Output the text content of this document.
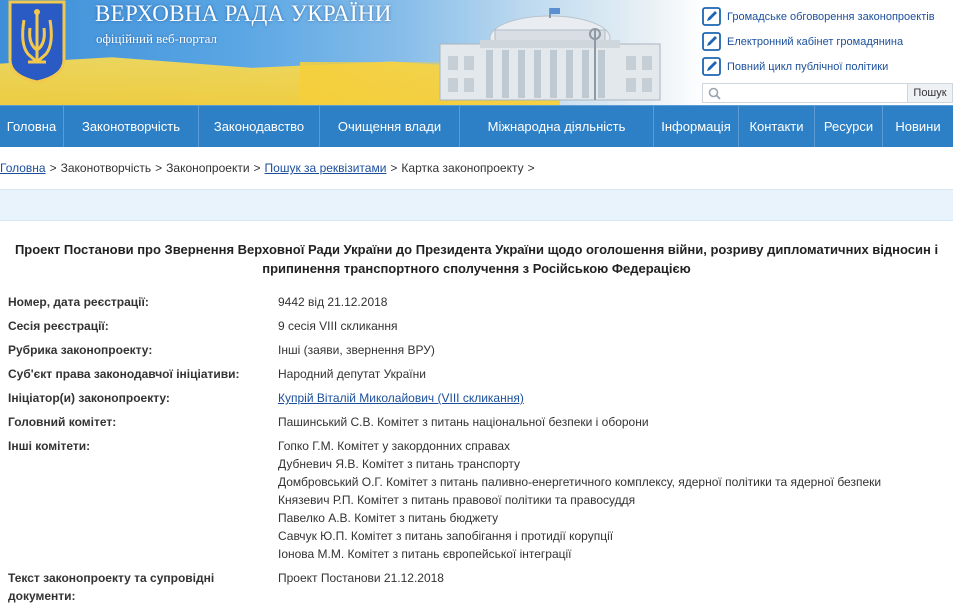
ВЕРХОВНА РАДА УКРАЇНИ
офіційний веб-портал
Громадське обговорення законопроектів
Електронний кабінет громадянина
Повний цикл публічної політики
Пошук
Головна	Законотворчість	Законодавство	Очищення влади	Міжнародна діяльність	Інформація	Контакти	Ресурси	Новини
Головна > Законотворчість > Законопроекти > Пошук за реквізитами > Картка законопроекту >
Проект Постанови про Звернення Верховної Ради України до Президента України щодо оголошення війни, розриву дипломатичних відносин і припинення транспортного сполучення з Російською Федерацією
Номер, дата реєстрації:	9442 від 21.12.2018
Сесія реєстрації:	9 сесія VIII скликання
Рубрика законопроекту:	Інші (заяви, звернення ВРУ)
Суб'єкт права законодавчої ініціативи:	Народний депутат України
Ініціатор(и) законопроекту:	Купрій Віталій Миколайович (VIII скликання)
Головний комітет:	Пашинський С.В. Комітет з питань національної безпеки і оборони
Інші комітети:	Гопко Г.М. Комітет у закордонних справах
Дубневич Я.В. Комітет з питань транспорту
Домбровський О.Г. Комітет з питань паливно-енергетичного комплексу, ядерної політики та ядерної безпеки
Князевич Р.П. Комітет з питань правової політики та правосуддя
Павелко А.В. Комітет з питань бюджету
Савчук Ю.П. Комітет з питань запобігання і протидії корупції
Іонова М.М. Комітет з питань європейської інтеграції
Текст законопроекту та супровідні документи:
Проект Постанови 21.12.2018
